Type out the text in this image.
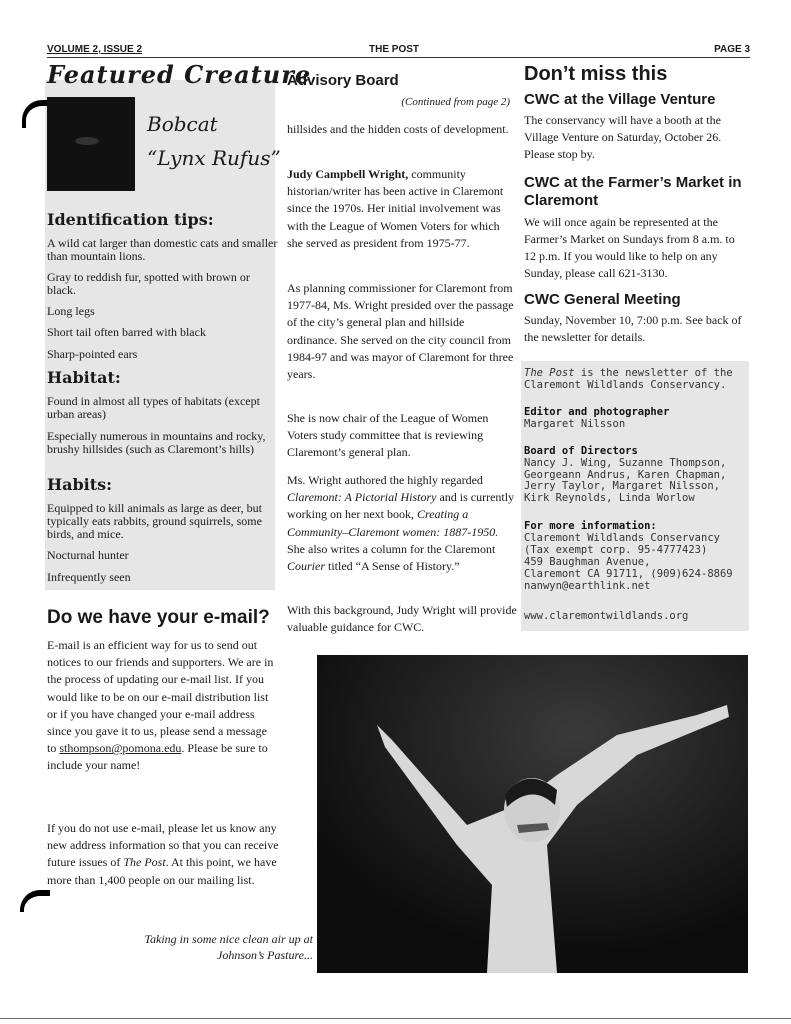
VOLUME 2, ISSUE 2	THE POST	PAGE 3
Featured Creature
Bobcat
“Lynx Rufus”
Identification tips:
A wild cat larger than domestic cats and smaller than mountain lions.
Gray to reddish fur, spotted with brown or black.
Long legs
Short tail often barred with black
Sharp-pointed ears
Habitat:
Found in almost all types of habitats (except urban areas)
Especially numerous in mountains and rocky, brushy hillsides (such as Claremont’s hills)
Habits:
Equipped to kill animals as large as deer, but typically eats rabbits, ground squirrels, some birds, and mice.
Nocturnal hunter
Infrequently seen
Do we have your e-mail?
E-mail is an efficient way for us to send out notices to our friends and supporters. We are in the process of updating our e-mail list. If you would like to be on our e-mail distribution list or if you have changed your e-mail address since you gave it to us, please send a message to sthompson@pomona.edu. Please be sure to include your name!
If you do not use e-mail, please let us know any new address information so that you can receive future issues of The Post. At this point, we have more than 1,400 people on our mailing list.
Taking in some nice clean air up at Johnson’s Pasture...
Advisory Board
(Continued from page 2)
hillsides and the hidden costs of development.
Judy Campbell Wright, community historian/writer has been active in Claremont since the 1970s. Her initial involvement was with the League of Women Voters for which she served as president from 1975-77.
As planning commissioner for Claremont from 1977-84, Ms. Wright presided over the passage of the city’s general plan and hillside ordinance. She served on the city council from 1984-97 and was mayor of Claremont for three years.
She is now chair of the League of Women Voters study committee that is reviewing Claremont’s general plan.
Ms. Wright authored the highly regarded Claremont: A Pictorial History and is currently working on her next book, Creating a Community–Claremont women: 1887-1950. She also writes a column for the Claremont Courier titled “A Sense of History.”
With this background, Judy Wright will provide valuable guidance for CWC.
Don’t miss this
CWC at the Village Venture
The conservancy will have a booth at the Village Venture on Saturday, October 26. Please stop by.
CWC at the Farmer’s Market in Claremont
We will once again be represented at the Farmer’s Market on Sundays from 8 a.m. to 12 p.m. If you would like to help on any Sunday, please call 621-3130.
CWC General Meeting
Sunday, November 10, 7:00 p.m. See back of the newsletter for details.
The Post is the newsletter of the Claremont Wildlands Conservancy.
Editor and photographer
Margaret Nilsson
Board of Directors
Nancy J. Wing, Suzanne Thompson, Georgeann Andrus, Karen Chapman, Jerry Taylor, Margaret Nilsson, Kirk Reynolds, Linda Worlow
For more information:
Claremont Wildlands Conservancy
(Tax exempt corp. 95-4777423)
459 Baughman Avenue,
Claremont CA 91711, (909)624-8869
nanwyn@earthlink.net
www.claremontwildlands.org
